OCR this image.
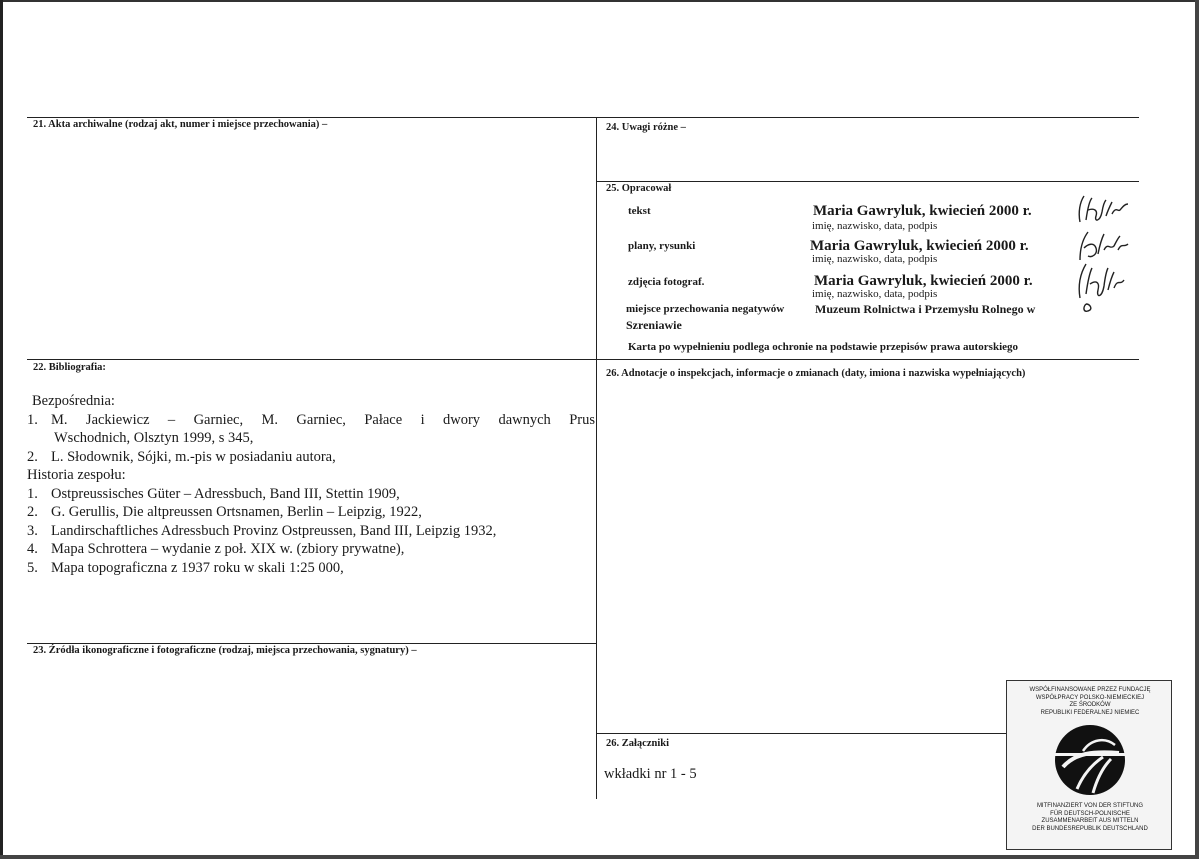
21. Akta archiwalne (rodzaj akt, numer i miejsce przechowania) –	24. Uwagi różne –
25. Opracował
tekst	Maria Gawryluk, kwiecień 2000 r.
imię, nazwisko, data, podpis
plany, rysunki	Maria Gawryluk, kwiecień 2000 r.
imię, nazwisko, data, podpis
zdjęcia fotograf.	Maria Gawryluk, kwiecień 2000 r.
imię, nazwisko, data, podpis
miejsce przechowania negatywów	Muzeum Rolnictwa i Przemysłu Rolnego w
Szreniawie
Karta po wypełnieniu podlega ochronie na podstawie przepisów prawa autorskiego
22. Bibliografia:
Bezpośrednia:
1. M. Jackiewicz – Garniec, M. Garniec, Pałace i dwory dawnych Prus
Wschodnich, Olsztyn 1999, s 345,
2. L. Słodownik, Sójki, m.-pis w posiadaniu autora,
Historia zespołu:
1. Ostpreussisches Güter – Adressbuch, Band III, Stettin 1909,
2. G. Gerullis, Die altpreussen Ortsnamen, Berlin – Leipzig, 1922,
3. Landirschaftliches Adressbuch Provinz Ostpreussen, Band III, Leipzig 1932,
4. Mapa Schrottera – wydanie z poł. XIX w. (zbiory prywatne),
5. Mapa topograficzna z 1937 roku w skali 1:25 000,
26. Adnotacje o inspekcjach, informacje o zmianach (daty, imiona i nazwiska wypełniających)
23. Źródła ikonograficzne i fotograficzne (rodzaj, miejsca przechowania, sygnatury) –
26. Załączniki
wkładki nr 1 - 5
WSPÓŁFINANSOWANE PRZEZ FUNDACJĘ
WSPÓŁPRACY POLSKO-NIEMIECKIEJ
ZE ŚRODKÓW
REPUBLIKI FEDERALNEJ NIEMIEC
MITFINANZIERT VON DER STIFTUNG
FÜR DEUTSCH-POLNISCHE
ZUSAMMENARBEIT AUS MITTELN
DER BUNDESREPUBLIK DEUTSCHLAND
